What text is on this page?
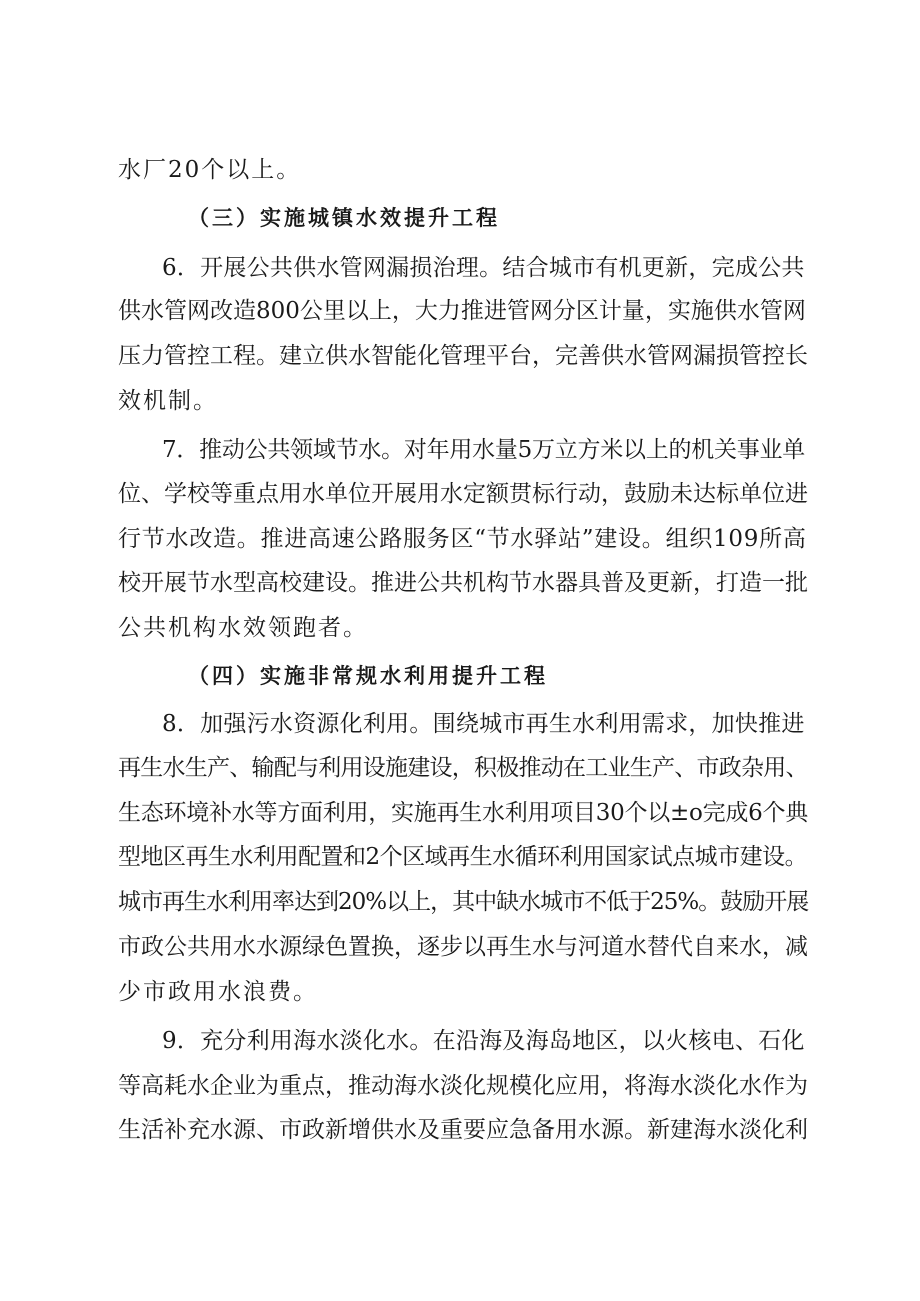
水厂20个以上。
（三）实施城镇水效提升工程
6．开展公共供水管网漏损治理。结合城市有机更新，完成公共
供水管网改造800公里以上，大力推进管网分区计量，实施供水管网
压力管控工程。建立供水智能化管理平台，完善供水管网漏损管控长
效机制。
7．推动公共领域节水。对年用水量5万立方米以上的机关事业单
位、学校等重点用水单位开展用水定额贯标行动，鼓励未达标单位进
行节水改造。推进高速公路服务区“节水驿站”建设。组织109所高
校开展节水型高校建设。推进公共机构节水器具普及更新，打造一批
公共机构水效领跑者。
（四）实施非常规水利用提升工程
8．加强污水资源化利用。围绕城市再生水利用需求，加快推进
再生水生产、输配与利用设施建设，积极推动在工业生产、市政杂用、
生态环境补水等方面利用，实施再生水利用项目30个以±o完成6个典
型地区再生水利用配置和2个区域再生水循环利用国家试点城市建设。
城市再生水利用率达到20%以上，其中缺水城市不低于25%。鼓励开展
市政公共用水水源绿色置换，逐步以再生水与河道水替代自来水，减
少市政用水浪费。
9．充分利用海水淡化水。在沿海及海岛地区，以火核电、石化
等高耗水企业为重点，推动海水淡化规模化应用，将海水淡化水作为
生活补充水源、市政新增供水及重要应急备用水源。新建海水淡化利
